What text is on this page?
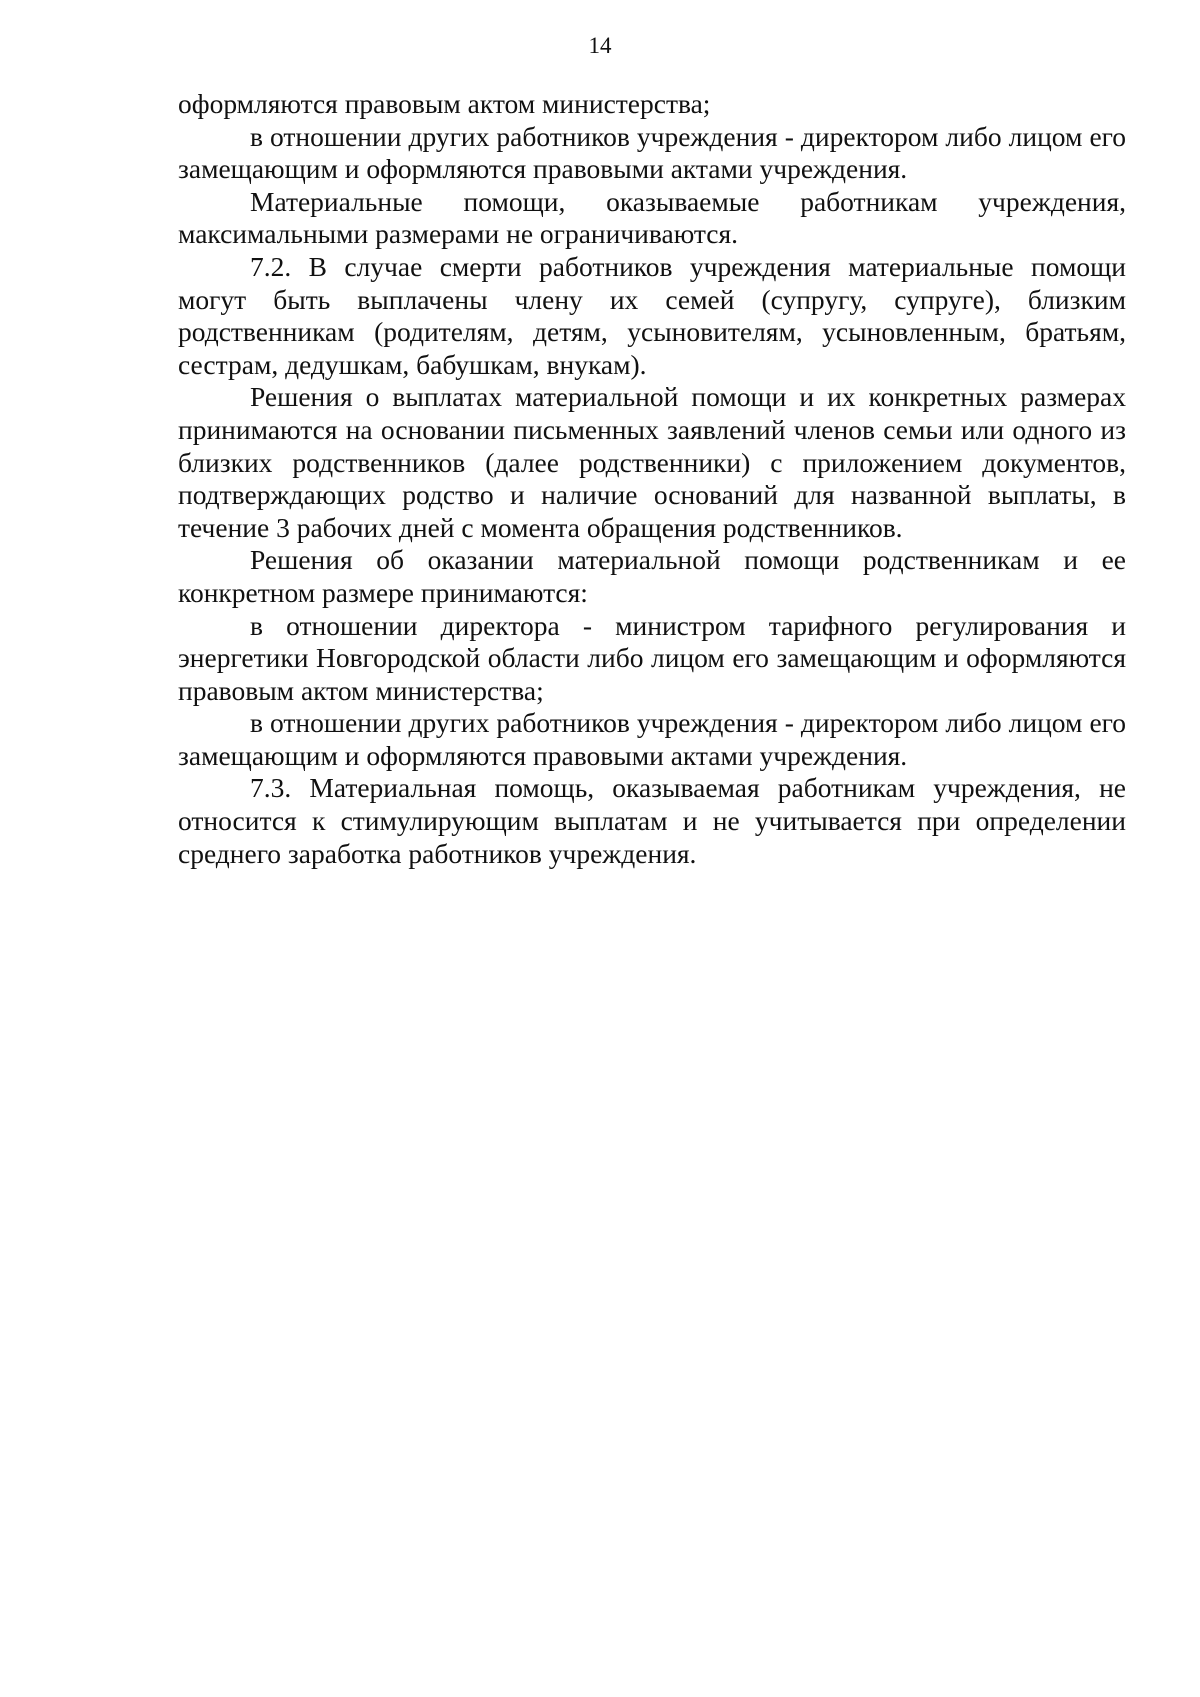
14

оформляются правовым актом министерства;

в отношении других работников учреждения - директором либо лицом его замещающим и оформляются правовыми актами учреждения.

Материальные помощи, оказываемые работникам учреждения, максимальными размерами не ограничиваются.

7.2. В случае смерти работников учреждения материальные помощи могут быть выплачены члену их семей (супругу, супруге), близким родственникам (родителям, детям, усыновителям, усыновленным, братьям, сестрам, дедушкам, бабушкам, внукам).

Решения о выплатах материальной помощи и их конкретных размерах принимаются на основании письменных заявлений членов семьи или одного из близких родственников (далее родственники) с приложением документов, подтверждающих родство и наличие оснований для названной выплаты, в течение 3 рабочих дней с момента обращения родственников.

Решения об оказании материальной помощи родственникам и ее конкретном размере принимаются:

в отношении директора - министром тарифного регулирования и энергетики Новгородской области либо лицом его замещающим и оформляются правовым актом министерства;

в отношении других работников учреждения - директором либо лицом его замещающим и оформляются правовыми актами учреждения.

7.3. Материальная помощь, оказываемая работникам учреждения, не относится к стимулирующим выплатам и не учитывается при определении среднего заработка работников учреждения.
